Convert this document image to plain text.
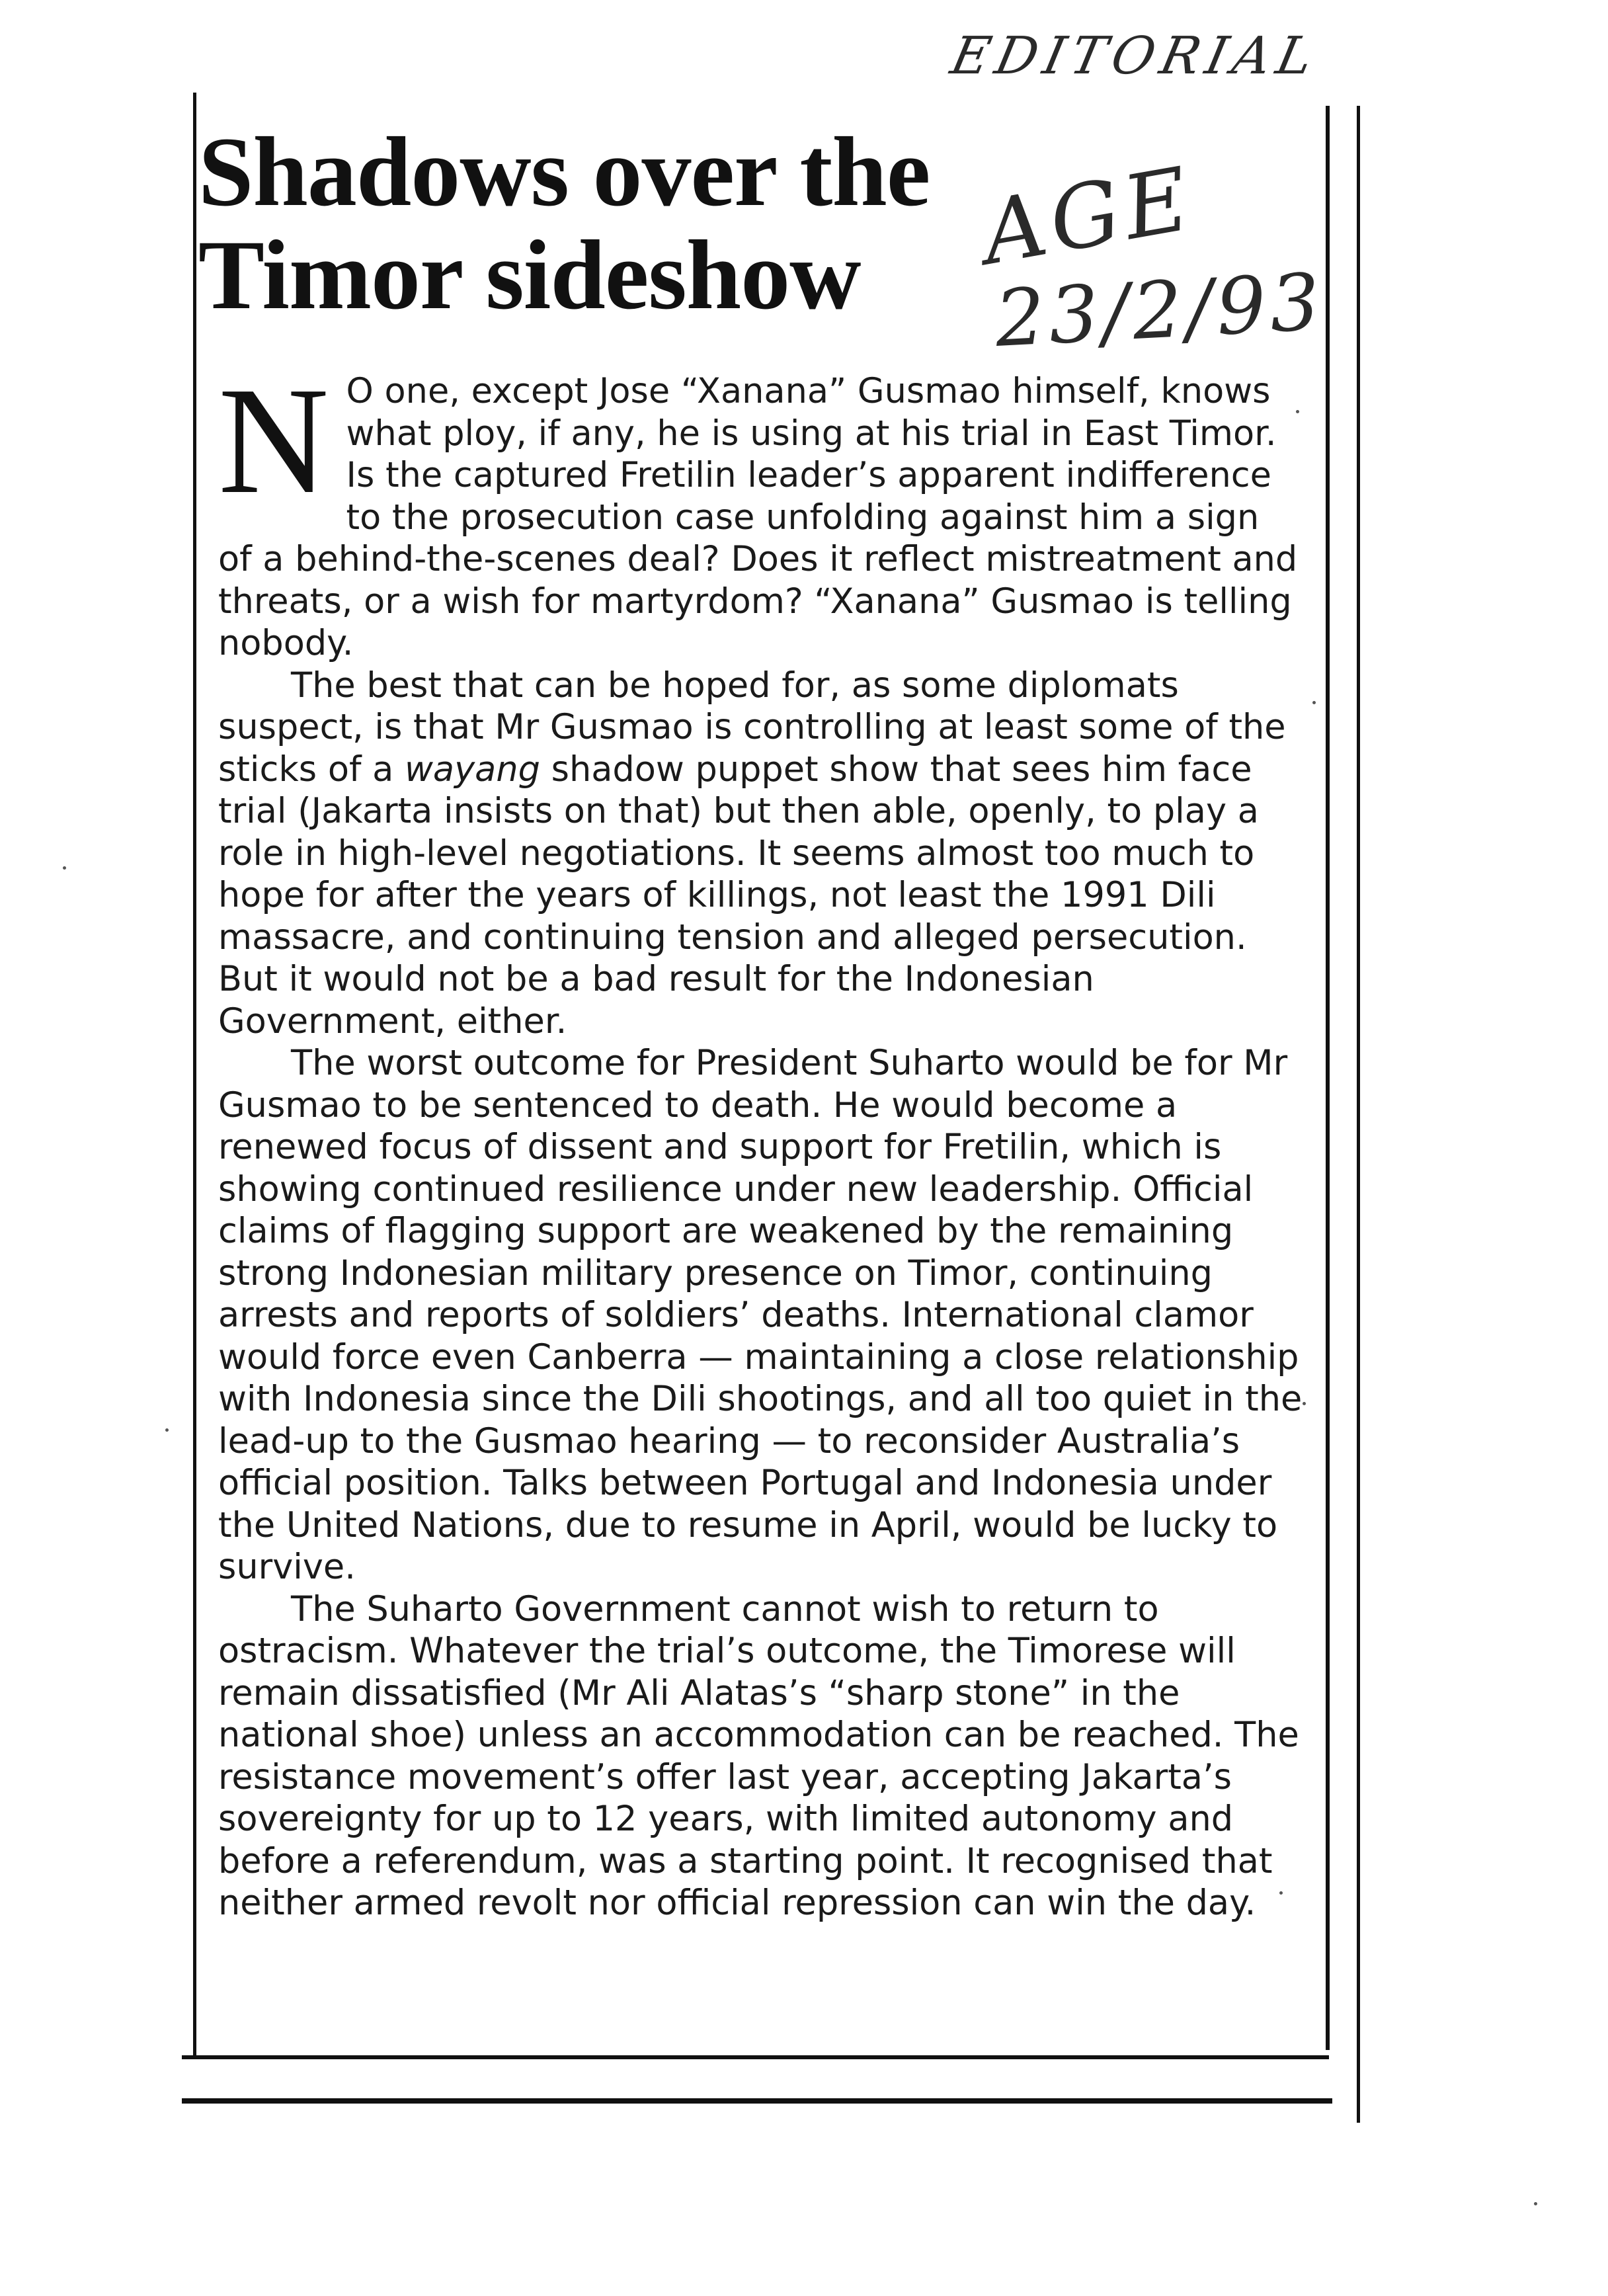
EDITORIAL
AGE
23/2/93
Shadows over the
Timor sideshow

N O one, except Jose “Xanana” Gusmao himself, knows what ploy, if any, he is using at his trial in East Timor. Is the captured Fretilin leader’s apparent indifference to the prosecution case unfolding against him a sign of a behind-the-scenes deal? Does it reflect mistreatment and threats, or a wish for martyrdom? “Xanana” Gusmao is telling nobody.

The best that can be hoped for, as some diplomats suspect, is that Mr Gusmao is controlling at least some of the sticks of a wayang shadow puppet show that sees him face trial (Jakarta insists on that) but then able, openly, to play a role in high-level negotiations. It seems almost too much to hope for after the years of killings, not least the 1991 Dili massacre, and continuing tension and alleged persecution. But it would not be a bad result for the Indonesian Government, either.

The worst outcome for President Suharto would be for Mr Gusmao to be sentenced to death. He would become a renewed focus of dissent and support for Fretilin, which is showing continued resilience under new leadership. Official claims of flagging support are weakened by the remaining strong Indonesian military presence on Timor, continuing arrests and reports of soldiers’ deaths. International clamor would force even Canberra — maintaining a close relationship with Indonesia since the Dili shootings, and all too quiet in the lead-up to the Gusmao hearing — to reconsider Australia’s official position. Talks between Portugal and Indonesia under the United Nations, due to resume in April, would be lucky to survive.

The Suharto Government cannot wish to return to ostracism. Whatever the trial’s outcome, the Timorese will remain dissatisfied (Mr Ali Alatas’s “sharp stone” in the national shoe) unless an accommodation can be reached. The resistance movement’s offer last year, accepting Jakarta’s sovereignty for up to 12 years, with limited autonomy and before a referendum, was a starting point. It recognised that neither armed revolt nor official repression can win the day.
